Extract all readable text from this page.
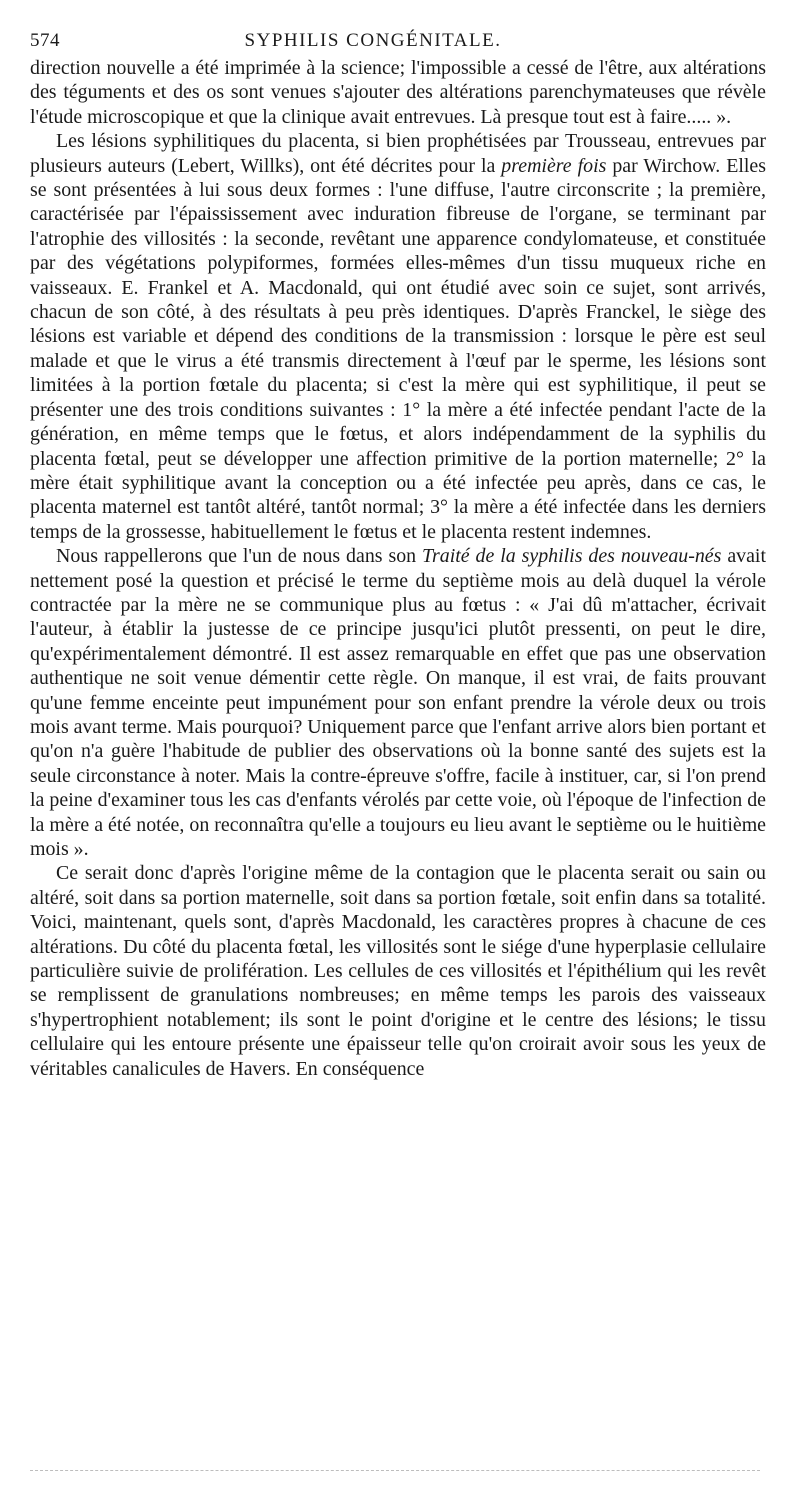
574	SYPHILIS CONGÉNITALE.

direction nouvelle a été imprimée à la science; l'impossible a cessé de l'être, aux altérations des téguments et des os sont venues s'ajouter des altérations parenchymateuses que révèle l'étude microscopique et que la clinique avait entrevues. Là presque tout est à faire..... ».

Les lésions syphilitiques du placenta, si bien prophétisées par Trousseau, entrevues par plusieurs auteurs (Lebert, Willks), ont été décrites pour la première fois par Wirchow. Elles se sont présentées à lui sous deux formes : l'une diffuse, l'autre circonscrite ; la première, caractérisée par l'épaississement avec induration fibreuse de l'organe, se terminant par l'atrophie des villosités : la seconde, revêtant une apparence condylomateuse, et constituée par des végétations polypiformes, formées elles-mêmes d'un tissu muqueux riche en vaisseaux. E. Frankel et A. Macdonald, qui ont étudié avec soin ce sujet, sont arrivés, chacun de son côté, à des résultats à peu près identiques. D'après Franckel, le siège des lésions est variable et dépend des conditions de la transmission : lorsque le père est seul malade et que le virus a été transmis directement à l'œuf par le sperme, les lésions sont limitées à la portion fœtale du placenta; si c'est la mère qui est syphilitique, il peut se présenter une des trois conditions suivantes : 1° la mère a été infectée pendant l'acte de la génération, en même temps que le fœtus, et alors indépendamment de la syphilis du placenta fœtal, peut se développer une affection primitive de la portion maternelle; 2° la mère était syphilitique avant la conception ou a été infectée peu après, dans ce cas, le placenta maternel est tantôt altéré, tantôt normal; 3° la mère a été infectée dans les derniers temps de la grossesse, habituellement le fœtus et le placenta restent indemnes.

Nous rappellerons que l'un de nous dans son Traité de la syphilis des nouveau-nés avait nettement posé la question et précisé le terme du septième mois au delà duquel la vérole contractée par la mère ne se communique plus au fœtus : « J'ai dû m'attacher, écrivait l'auteur, à établir la justesse de ce principe jusqu'ici plutôt pressenti, on peut le dire, qu'expérimentalement démontré. Il est assez remarquable en effet que pas une observation authentique ne soit venue démentir cette règle. On manque, il est vrai, de faits prouvant qu'une femme enceinte peut impunément pour son enfant prendre la vérole deux ou trois mois avant terme. Mais pourquoi? Uniquement parce que l'enfant arrive alors bien portant et qu'on n'a guère l'habitude de publier des observations où la bonne santé des sujets est la seule circonstance à noter. Mais la contre-épreuve s'offre, facile à instituer, car, si l'on prend la peine d'examiner tous les cas d'enfants vérolés par cette voie, où l'époque de l'infection de la mère a été notée, on reconnaîtra qu'elle a toujours eu lieu avant le septième ou le huitième mois ».

Ce serait donc d'après l'origine même de la contagion que le placenta serait ou sain ou altéré, soit dans sa portion maternelle, soit dans sa portion fœtale, soit enfin dans sa totalité. Voici, maintenant, quels sont, d'après Macdonald, les caractères propres à chacune de ces altérations. Du côté du placenta fœtal, les villosités sont le siége d'une hyperplasie cellulaire particulière suivie de prolifération. Les cellules de ces villosités et l'épithélium qui les revêt se remplissent de granulations nombreuses; en même temps les parois des vaisseaux s'hypertrophient notablement; ils sont le point d'origine et le centre des lésions; le tissu cellulaire qui les entoure présente une épaisseur telle qu'on croirait avoir sous les yeux de véritables canalicules de Havers. En conséquence
